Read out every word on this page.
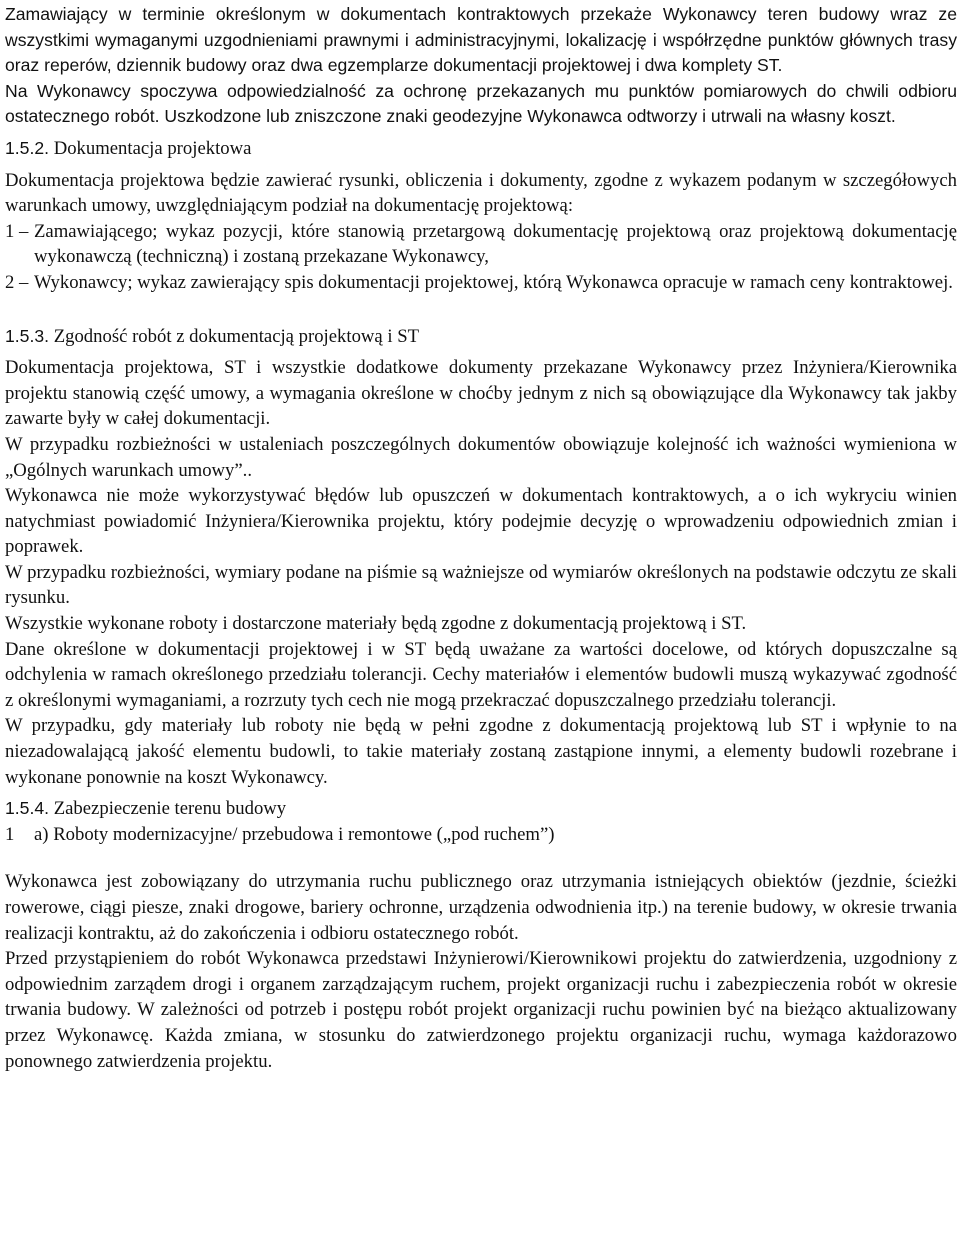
Zamawiający w terminie określonym w dokumentach kontraktowych przekaże Wykonawcy teren budowy wraz ze wszystkimi wymaganymi uzgodnieniami prawnymi i administracyjnymi, lokalizację i współrzędne punktów głównych trasy oraz reperów, dziennik budowy oraz dwa egzemplarze dokumentacji projektowej i dwa komplety ST.

Na Wykonawcy spoczywa odpowiedzialność za ochronę przekazanych mu punktów pomiarowych do chwili odbioru ostatecznego robót. Uszkodzone lub zniszczone znaki geodezyjne Wykonawca odtworzy i utrwali na własny koszt.

1.5.2. Dokumentacja projektowa

Dokumentacja projektowa będzie zawierać rysunki, obliczenia i dokumenty, zgodne z wykazem podanym w szczegółowych warunkach umowy, uwzględniającym podział na dokumentację projektową:

1 – Zamawiającego; wykaz pozycji, które stanowią przetargową dokumentację projektową oraz projektową dokumentację wykonawczą (techniczną) i zostaną przekazane Wykonawcy,
2 – Wykonawcy; wykaz zawierający spis dokumentacji projektowej, którą Wykonawca opracuje w ramach ceny kontraktowej.

1.5.3. Zgodność robót z dokumentacją projektową i ST

Dokumentacja projektowa, ST i wszystkie dodatkowe dokumenty przekazane Wykonawcy przez Inżyniera/Kierownika projektu stanowią część umowy, a wymagania określone w choćby jednym z nich są obowiązujące dla Wykonawcy tak jakby zawarte były w całej dokumentacji.

W przypadku rozbieżności w ustaleniach poszczególnych dokumentów obowiązuje kolejność ich ważności wymieniona w „Ogólnych warunkach umowy”..

Wykonawca nie może wykorzystywać błędów lub opuszczeń w dokumentach kontraktowych, a o ich wykryciu winien natychmiast powiadomić Inżyniera/Kierownika projektu, który podejmie decyzję o wprowadzeniu odpowiednich zmian i poprawek.

W przypadku rozbieżności, wymiary podane na piśmie są ważniejsze od wymiarów określonych na podstawie odczytu ze skali rysunku.

Wszystkie wykonane roboty i dostarczone materiały będą zgodne z dokumentacją projektową i ST.

Dane określone w dokumentacji projektowej i w ST będą uważane za wartości docelowe, od których dopuszczalne są odchylenia w ramach określonego przedziału tolerancji. Cechy materiałów i elementów budowli muszą wykazywać zgodność z określonymi wymaganiami, a rozrzuty tych cech nie mogą przekraczać dopuszczalnego przedziału tolerancji.

W przypadku, gdy materiały lub roboty nie będą w pełni zgodne z dokumentacją projektową lub ST i wpłynie to na niezadowalającą jakość elementu budowli, to takie materiały zostaną zastąpione innymi, a elementy budowli rozebrane i wykonane ponownie na koszt Wykonawcy.

1.5.4. Zabezpieczenie terenu budowy

1 a) Roboty modernizacyjne/ przebudowa i remontowe („pod ruchem”)

Wykonawca jest zobowiązany do utrzymania ruchu publicznego oraz utrzymania istniejących obiektów (jezdnie, ścieżki rowerowe, ciągi piesze, znaki drogowe, bariery ochronne, urządzenia odwodnienia itp.) na terenie budowy, w okresie trwania realizacji kontraktu, aż do zakończenia i odbioru ostatecznego robót.

Przed przystąpieniem do robót Wykonawca przedstawi Inżynierowi/Kierownikowi projektu do zatwierdzenia, uzgodniony z odpowiednim zarządem drogi i organem zarządzającym ruchem, projekt organizacji ruchu i zabezpieczenia robót w okresie trwania budowy. W zależności od potrzeb i postępu robót projekt organizacji ruchu powinien być na bieżąco aktualizowany przez Wykonawcę. Każda zmiana, w stosunku do zatwierdzonego projektu organizacji ruchu, wymaga każdorazowo ponownego zatwierdzenia projektu.
